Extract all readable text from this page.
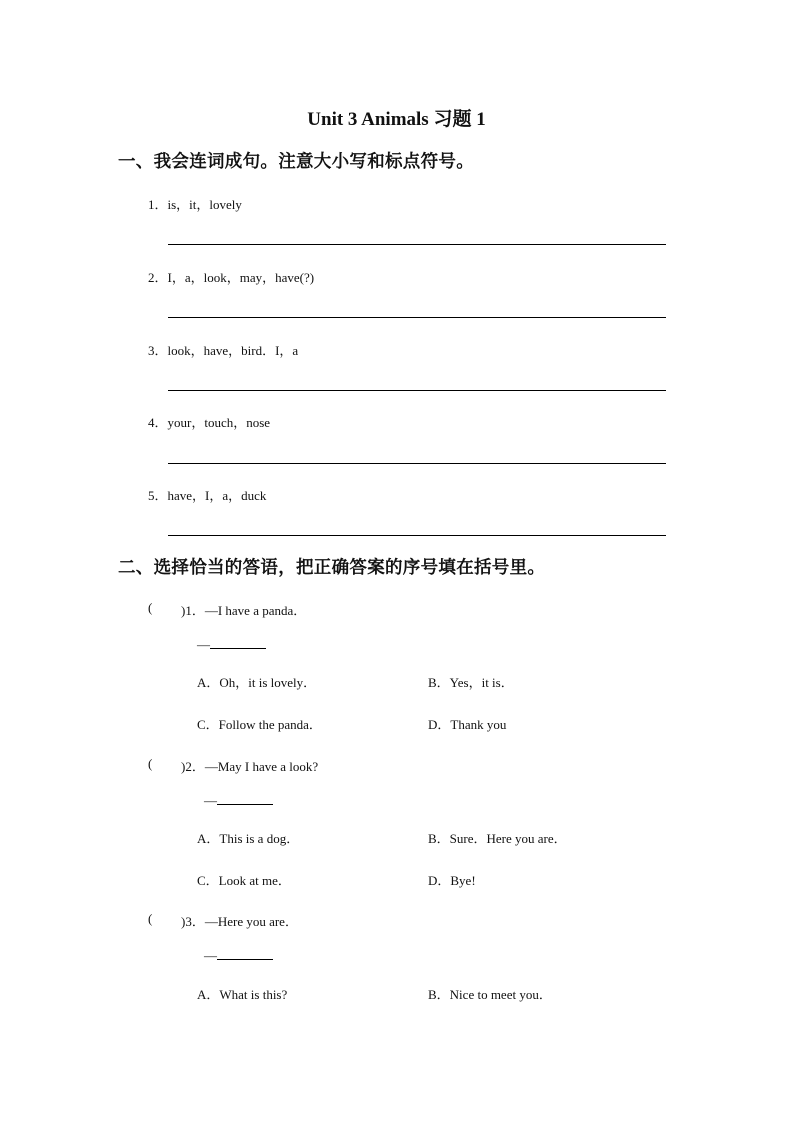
Unit 3 Animals 习题 1
一、我会连词成句。注意大小写和标点符号。
1．is，it，lovely
2．I，a，look，may，have(?)
3．look，have，bird．I，a
4．your，touch，nose
5．have，I，a，duck
二、选择恰当的答语，把正确答案的序号填在括号里。
( )1．—I have a panda．
—
A．Oh，it is lovely．	B．Yes，it is．
C．Follow the panda．	D．Thank you
( )2．—May I have a look?
—
A．This is a dog．	B．Sure．Here you are．
C．Look at me．	D．Bye!
( )3．—Here you are．
—
A．What is this?	B．Nice to meet you．
